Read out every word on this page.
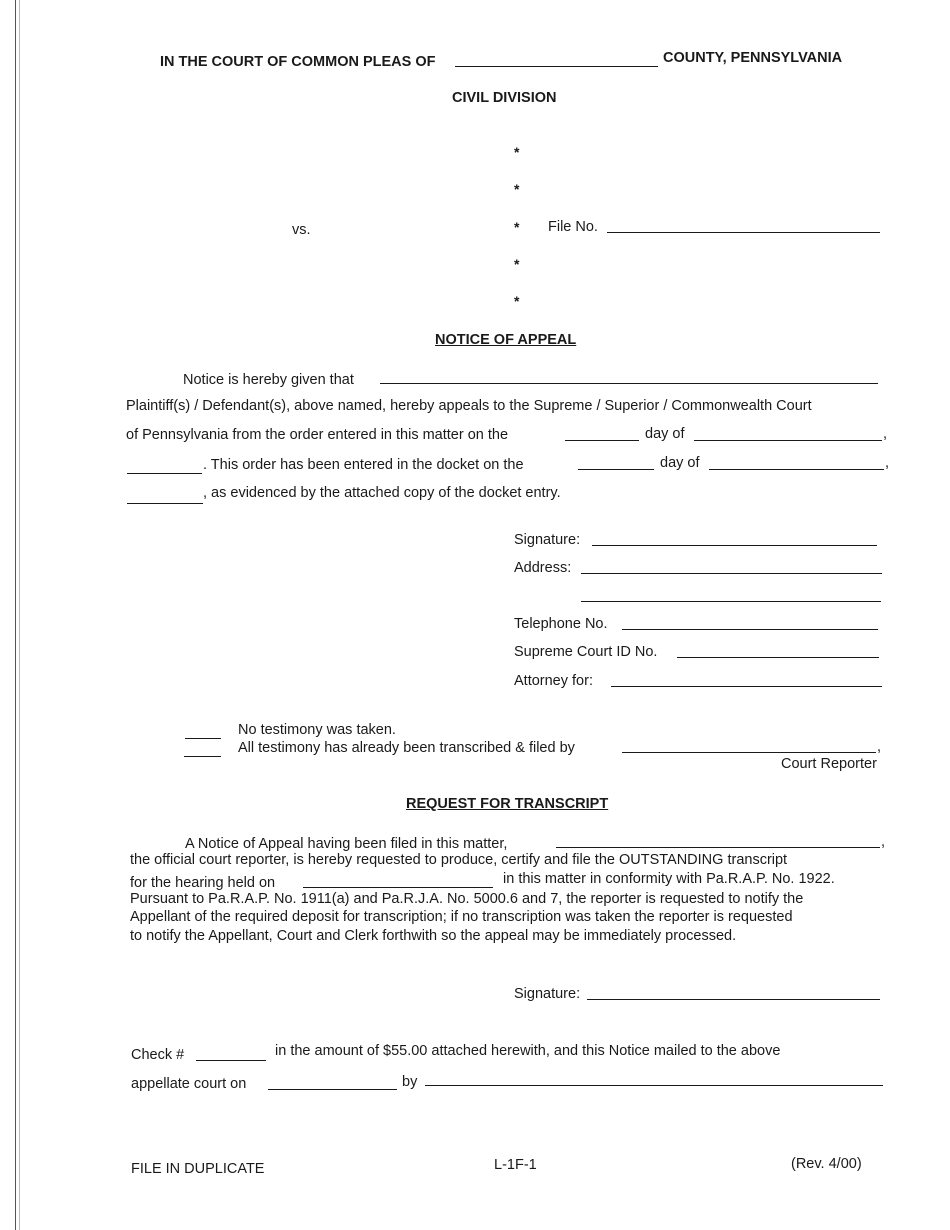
IN THE COURT OF COMMON PLEAS OF	COUNTY, PENNSYLVANIA
CIVIL DIVISION
*
*
*
*
*
vs.	File No.
NOTICE OF APPEAL
Notice is hereby given that
Plaintiff(s) / Defendant(s), above named, hereby appeals to the Supreme / Superior / Commonwealth Court
of Pennsylvania from the order entered in this matter on the	day of	,
. This order has been entered in the docket on the	day of	,
, as evidenced by the attached copy of the docket entry.
Signature:
Address:
Telephone No.
Supreme Court ID No.
Attorney for:
No testimony was taken.
All testimony has already been transcribed & filed by	,
Court Reporter
REQUEST FOR TRANSCRIPT
A Notice of Appeal having been filed in this matter,	,
the official court reporter, is hereby requested to produce, certify and file the OUTSTANDING transcript
for the hearing held on	in this matter in conformity with Pa.R.A.P. No. 1922.
Pursuant to Pa.R.A.P. No. 1911(a) and Pa.R.J.A. No. 5000.6 and 7, the reporter is requested to notify the
Appellant of the required deposit for transcription; if no transcription was taken the reporter is requested
to notify the Appellant, Court and Clerk forthwith so the appeal may be immediately processed.
Signature:
Check #	in the amount of $55.00 attached herewith, and this Notice mailed to the above
appellate court on	by
FILE IN DUPLICATE	L-1F-1	(Rev. 4/00)
